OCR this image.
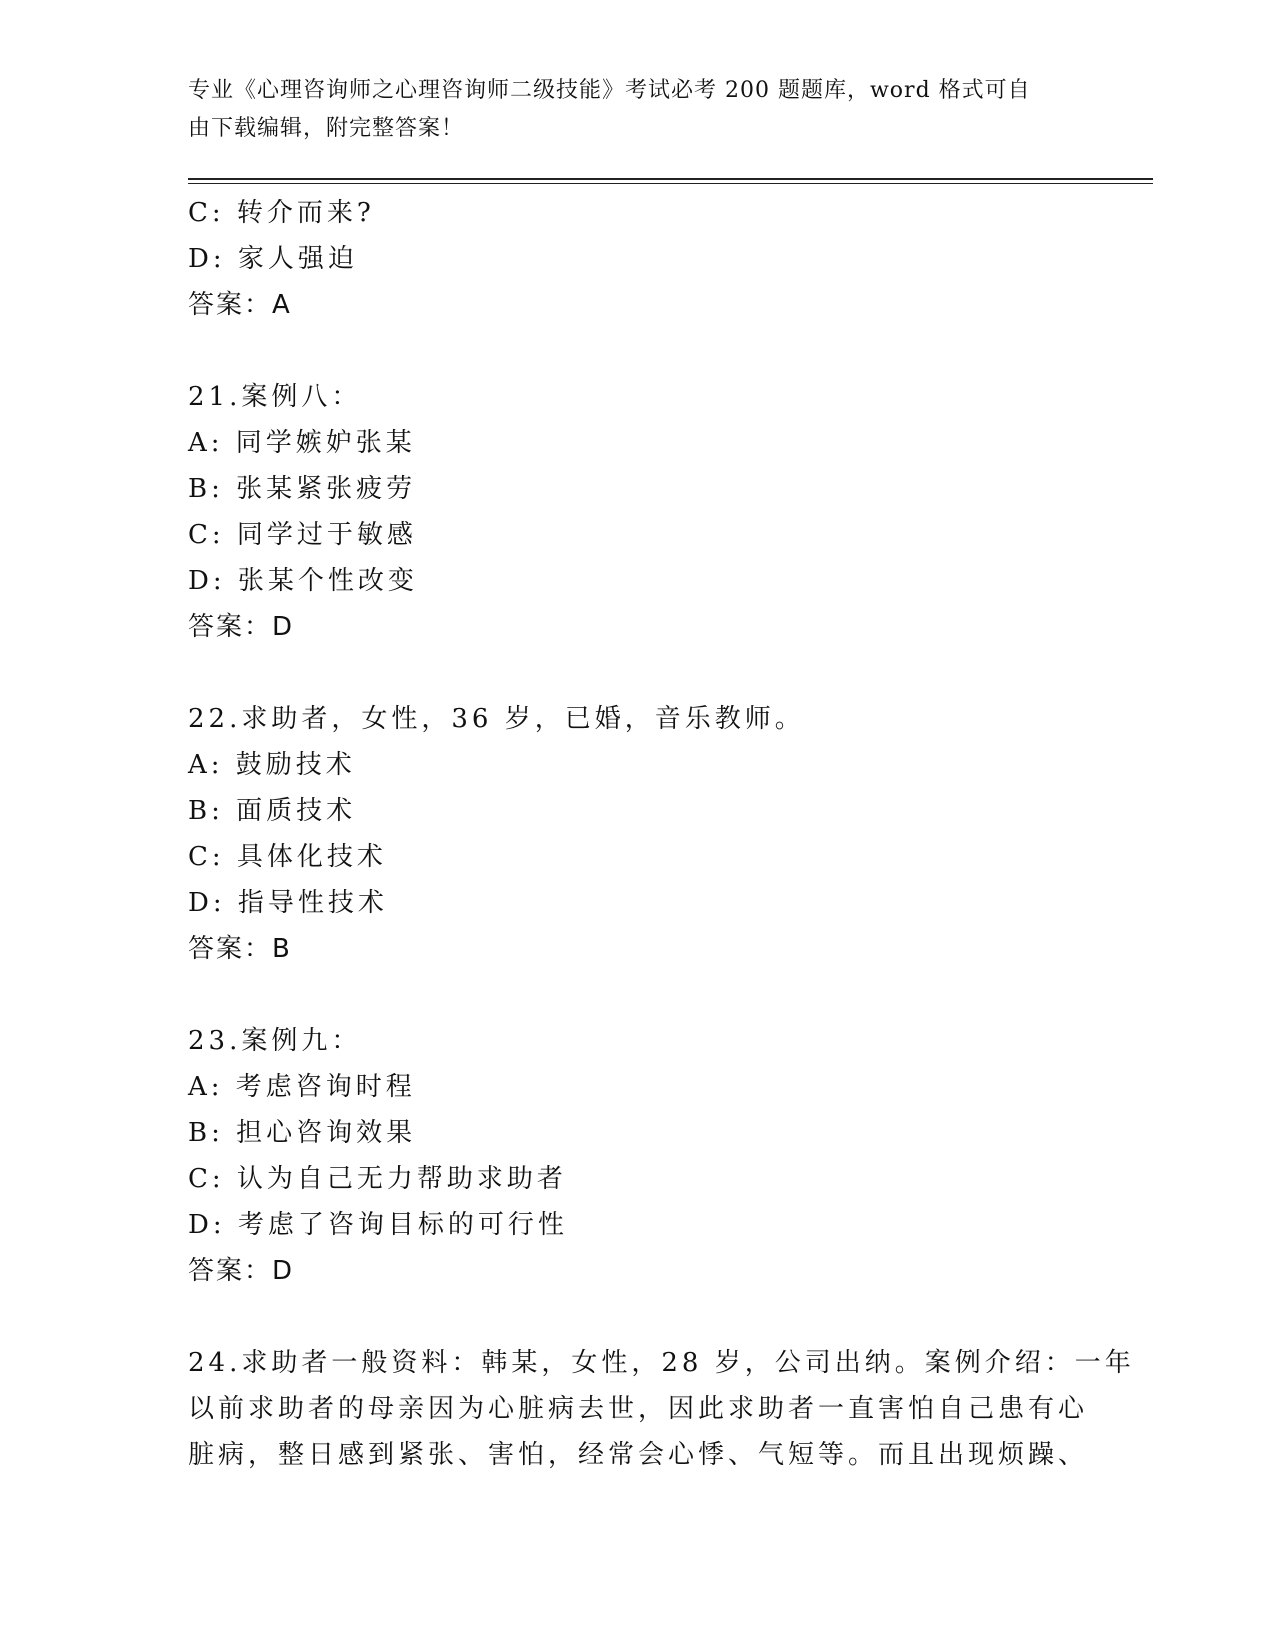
专业《心理咨询师之心理咨询师二级技能》考试必考 200 题题库，word 格式可自
由下载编辑，附完整答案！
C: 转介而来?
D: 家人强迫
答案：A
21.案例八：
A: 同学嫉妒张某
B: 张某紧张疲劳
C: 同学过于敏感
D: 张某个性改变
答案：D
22.求助者，女性，36 岁，已婚，音乐教师。
A: 鼓励技术
B: 面质技术
C: 具体化技术
D: 指导性技术
答案：B
23.案例九：
A: 考虑咨询时程
B: 担心咨询效果
C: 认为自己无力帮助求助者
D: 考虑了咨询目标的可行性
答案：D
24.求助者一般资料：韩某，女性，28 岁，公司出纳。案例介绍：一年
以前求助者的母亲因为心脏病去世，因此求助者一直害怕自己患有心
脏病，整日感到紧张、害怕，经常会心悸、气短等。而且出现烦躁、
